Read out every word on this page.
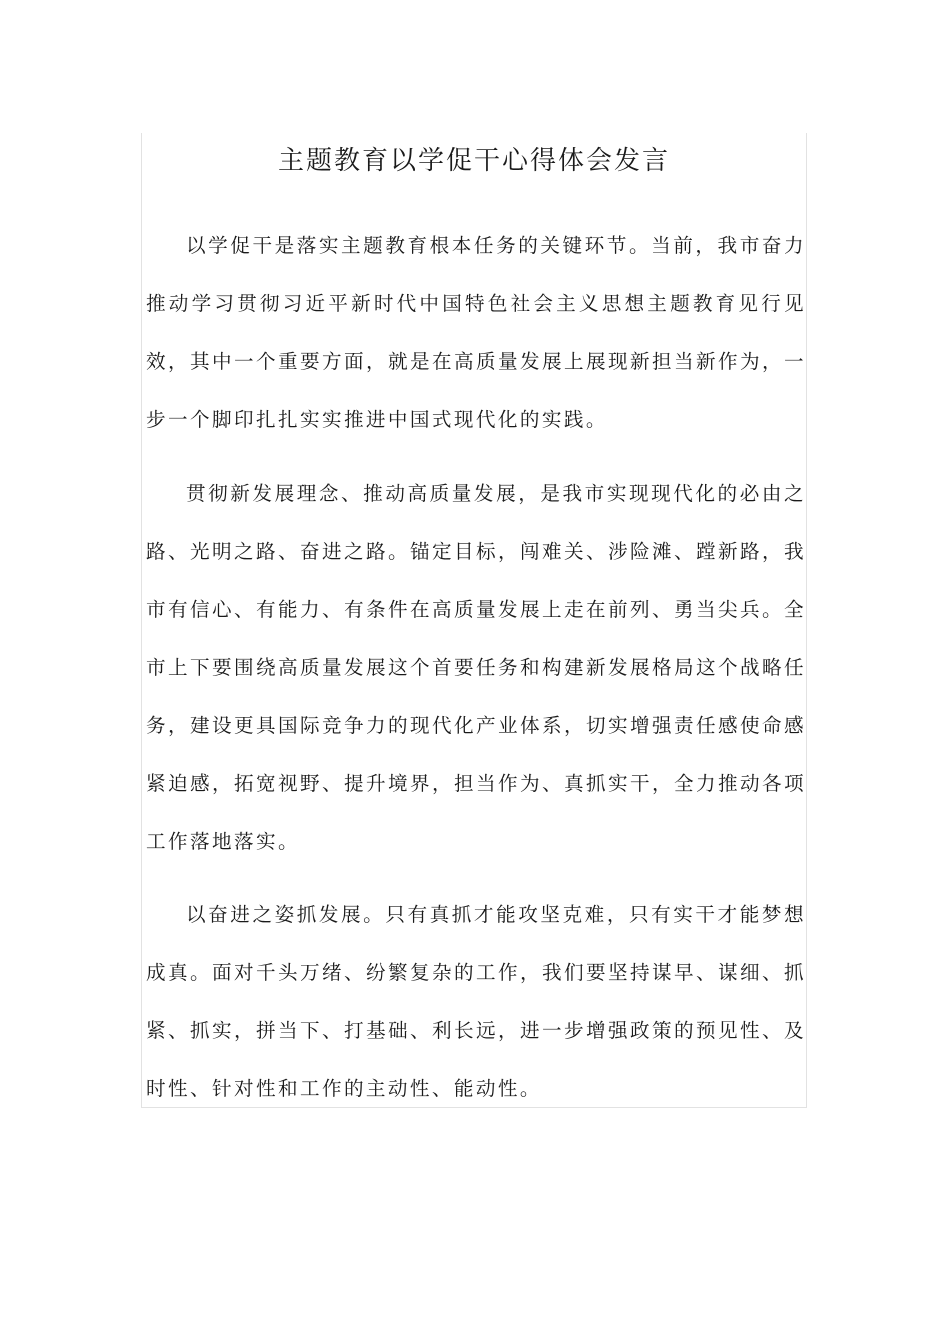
主题教育以学促干心得体会发言

以学促干是落实主题教育根本任务的关键环节。当前，我市奋力推动学习贯彻习近平新时代中国特色社会主义思想主题教育见行见效，其中一个重要方面，就是在高质量发展上展现新担当新作为，一步一个脚印扎扎实实推进中国式现代化的实践。

贯彻新发展理念、推动高质量发展，是我市实现现代化的必由之路、光明之路、奋进之路。锚定目标，闯难关、涉险滩、蹚新路，我市有信心、有能力、有条件在高质量发展上走在前列、勇当尖兵。全市上下要围绕高质量发展这个首要任务和构建新发展格局这个战略任务，建设更具国际竞争力的现代化产业体系，切实增强责任感使命感紧迫感，拓宽视野、提升境界，担当作为、真抓实干，全力推动各项工作落地落实。

以奋进之姿抓发展。只有真抓才能攻坚克难，只有实干才能梦想成真。面对千头万绪、纷繁复杂的工作，我们要坚持谋早、谋细、抓紧、抓实，拼当下、打基础、利长远，进一步增强政策的预见性、及时性、针对性和工作的主动性、能动性。
